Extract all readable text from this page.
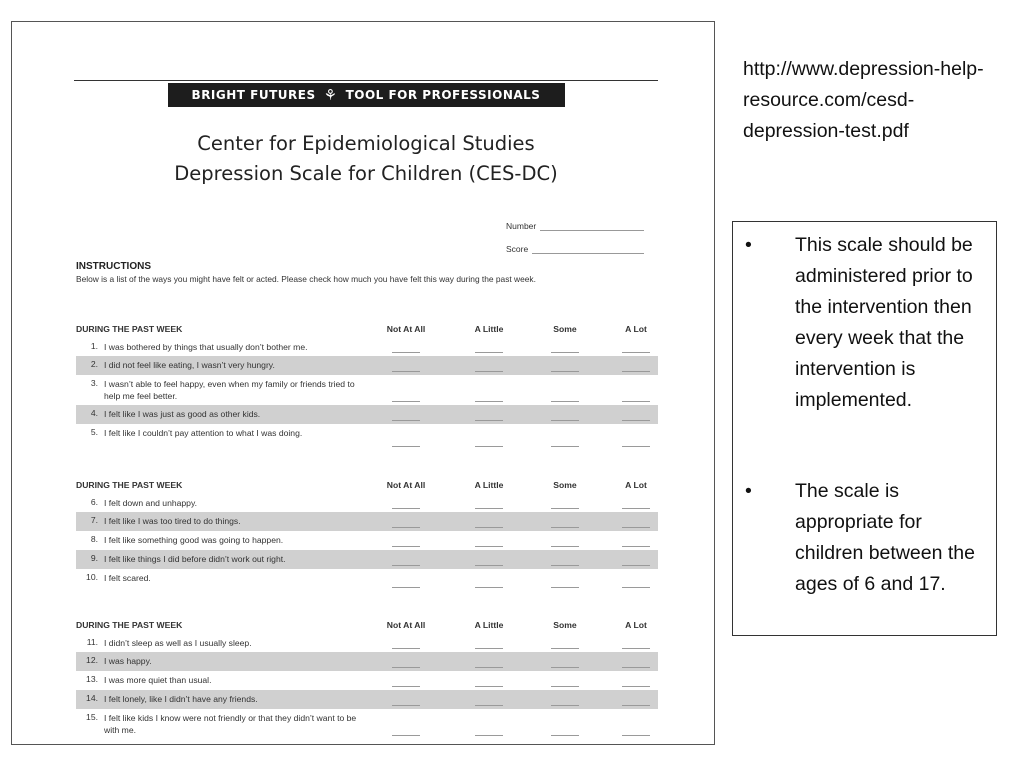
BRIGHT FUTURES ⚘ TOOL FOR PROFESSIONALS
Center for Epidemiological Studies
Depression Scale for Children (CES-DC)
Number
Score
INSTRUCTIONS
Below is a list of the ways you might have felt or acted. Please check how much you have felt this way during the past week.
DURING THE PAST WEEK	Not At All	A Little	Some	A Lot
1. I was bothered by things that usually don’t bother me.
2. I did not feel like eating, I wasn’t very hungry.
3. I wasn’t able to feel happy, even when my family or friends tried to help me feel better.
4. I felt like I was just as good as other kids.
5. I felt like I couldn’t pay attention to what I was doing.
DURING THE PAST WEEK	Not At All	A Little	Some	A Lot
6. I felt down and unhappy.
7. I felt like I was too tired to do things.
8. I felt like something good was going to happen.
9. I felt like things I did before didn’t work out right.
10. I felt scared.
DURING THE PAST WEEK	Not At All	A Little	Some	A Lot
11. I didn’t sleep as well as I usually sleep.
12. I was happy.
13. I was more quiet than usual.
14. I felt lonely, like I didn’t have any friends.
15. I felt like kids I know were not friendly or that they didn’t want to be with me.
http://www.depression-help-resource.com/cesd-depression-test.pdf
• This scale should be administered prior to the intervention then every week that the intervention is implemented.
• The scale is appropriate for children between the ages of 6 and 17.
